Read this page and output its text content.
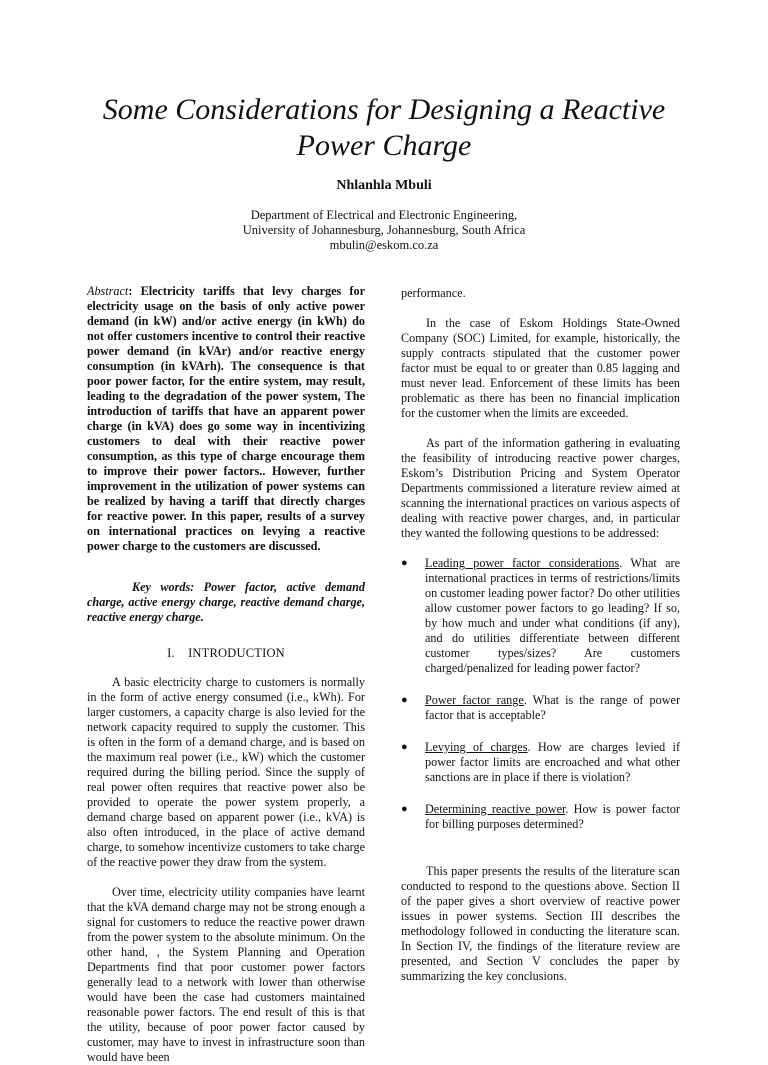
Some Considerations for Designing a Reactive Power Charge
Nhlanhla Mbuli
Department of Electrical and Electronic Engineering,
University of Johannesburg, Johannesburg, South Africa
mbulin@eskom.co.za

Abstract: Electricity tariffs that levy charges for electricity usage on the basis of only active power demand (in kW) and/or active energy (in kWh) do not offer customers incentive to control their reactive power demand (in kVAr) and/or reactive energy consumption (in kVArh). The consequence is that poor power factor, for the entire system, may result, leading to the degradation of the power system, The introduction of tariffs that have an apparent power charge (in kVA) does go some way in incentivizing customers to deal with their reactive power consumption, as this type of charge encourage them to improve their power factors.. However, further improvement in the utilization of power systems can be realized by having a tariff that directly charges for reactive power. In this paper, results of a survey on international practices on levying a reactive power charge to the customers are discussed.

Key words: Power factor, active demand charge, active energy charge, reactive demand charge, reactive energy charge.

I.    INTRODUCTION

A basic electricity charge to customers is normally in the form of active energy consumed (i.e., kWh). For larger customers, a capacity charge is also levied for the network capacity required to supply the customer. This is often in the form of a demand charge, and is based on the maximum real power (i.e., kW) which the customer required during the billing period. Since the supply of real power often requires that reactive power also be provided to operate the power system properly, a demand charge based on apparent power (i.e., kVA) is also often introduced, in the place of active demand charge, to somehow incentivize customers to take charge of the reactive power they draw from the system.

Over time, electricity utility companies have learnt that the kVA demand charge may not be strong enough a signal for customers to reduce the reactive power drawn from the power system to the absolute minimum. On the other hand, , the System Planning and Operation Departments find that poor customer power factors generally lead to a network with lower than otherwise would have been the case had customers maintained reasonable power factors. The end result of this is that the utility, because of poor power factor caused by customer, may have to invest in infrastructure soon than would have been

performance.

In the case of Eskom Holdings State-Owned Company (SOC) Limited, for example, historically, the supply contracts stipulated that the customer power factor must be equal to or greater than 0.85 lagging and must never lead. Enforcement of these limits has been problematic as there has been no financial implication for the customer when the limits are exceeded.

As part of the information gathering in evaluating the feasibility of introducing reactive power charges, Eskom’s Distribution Pricing and System Operator Departments commissioned a literature review aimed at scanning the international practices on various aspects of dealing with reactive power charges, and, in particular they wanted the following questions to be addressed:

● Leading power factor considerations. What are international practices in terms of restrictions/limits on customer leading power factor? Do other utilities allow customer power factors to go leading? If so, by how much and under what conditions (if any), and do utilities differentiate between different customer types/sizes? Are customers charged/penalized for leading power factor?
● Power factor range. What is the range of power factor that is acceptable?
● Levying of charges. How are charges levied if power factor limits are encroached and what other sanctions are in place if there is violation?
● Determining reactive power. How is power factor for billing purposes determined?

This paper presents the results of the literature scan conducted to respond to the questions above. Section II of the paper gives a short overview of reactive power issues in power systems. Section III describes the methodology followed in conducting the literature scan. In Section IV, the findings of the literature review are presented, and Section V concludes the paper by summarizing the key conclusions.
